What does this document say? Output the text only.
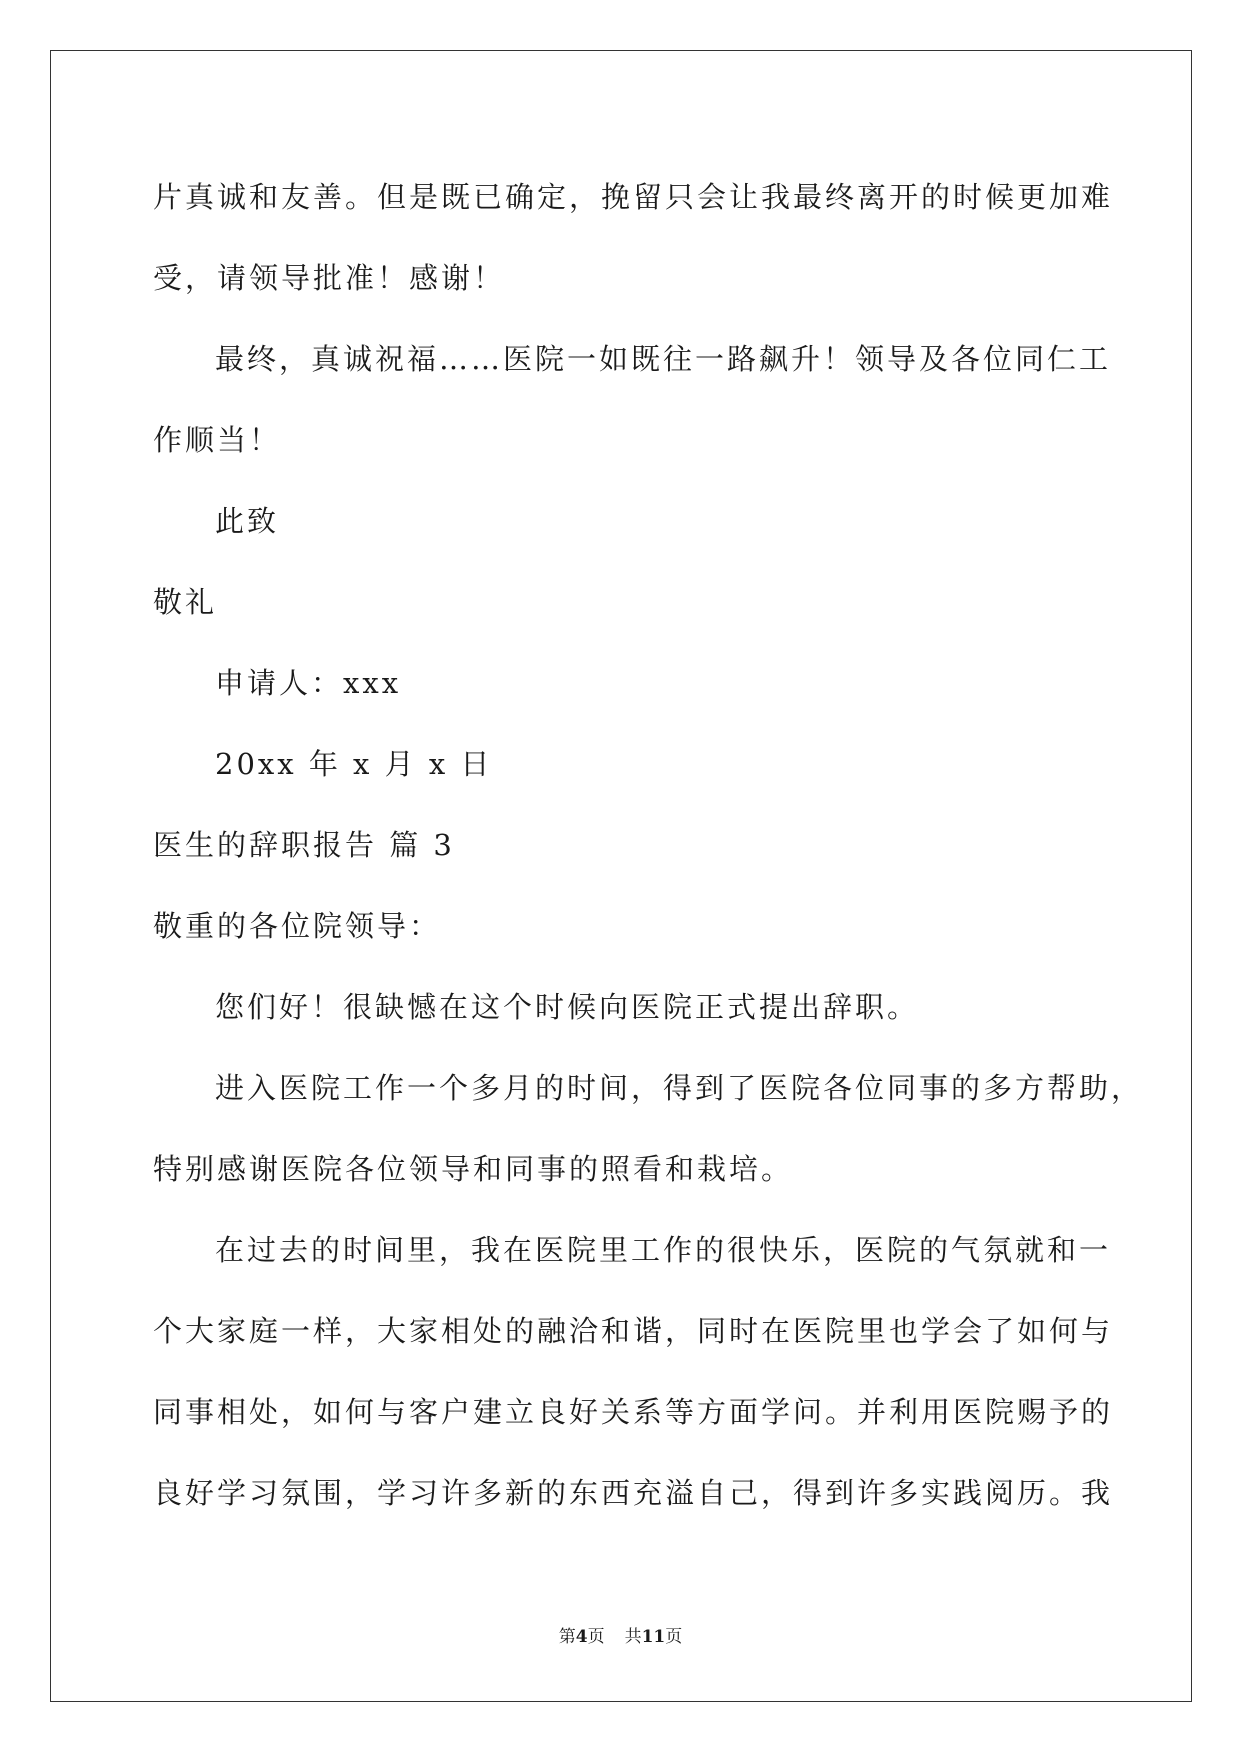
片真诚和友善。但是既已确定，挽留只会让我最终离开的时候更加难

受，请领导批准！感谢！

最终，真诚祝福……医院一如既往一路飙升！领导及各位同仁工

作顺当！

此致

敬礼

申请人：xxx

20xx 年 x 月 x 日

医生的辞职报告 篇 3

敬重的各位院领导：

您们好！很缺憾在这个时候向医院正式提出辞职。

进入医院工作一个多月的时间，得到了医院各位同事的多方帮助，

特别感谢医院各位领导和同事的照看和栽培。

在过去的时间里，我在医院里工作的很快乐，医院的气氛就和一

个大家庭一样，大家相处的融洽和谐，同时在医院里也学会了如何与

同事相处，如何与客户建立良好关系等方面学问。并利用医院赐予的

良好学习氛围，学习许多新的东西充溢自己，得到许多实践阅历。我

第4页 共11页
